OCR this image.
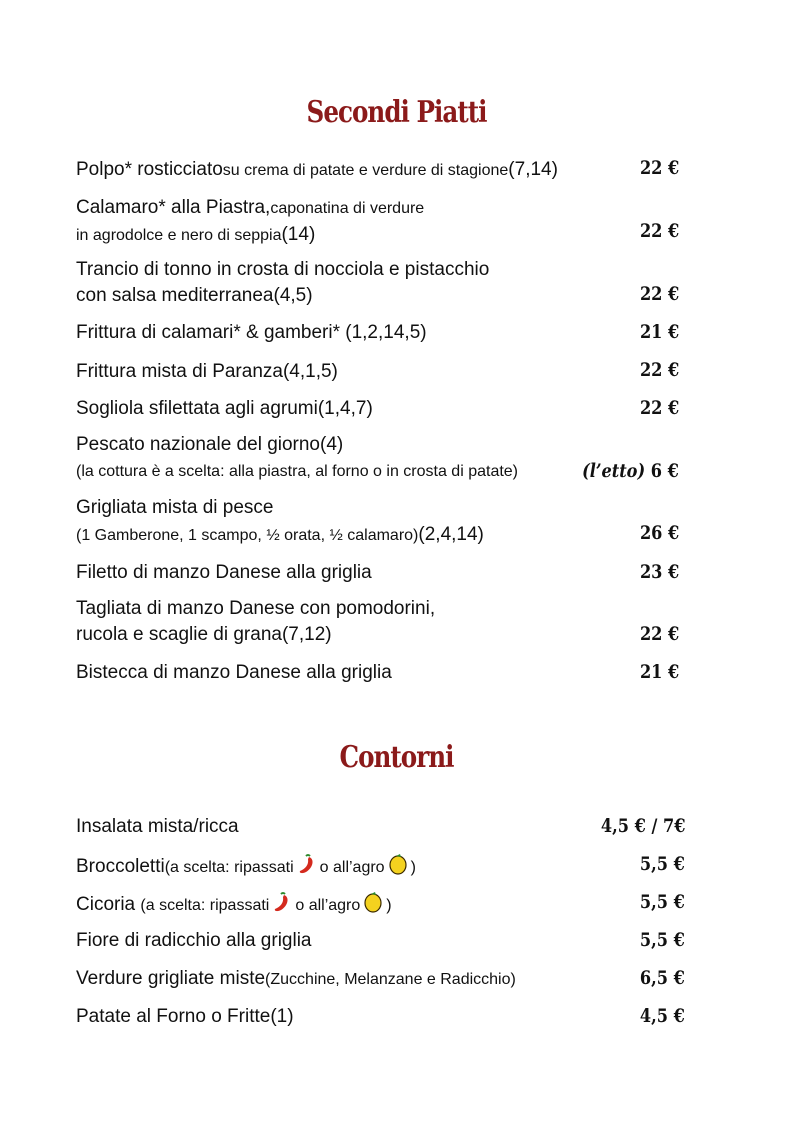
Secondi Piatti
Polpo* rosticciatosu crema di patate e verdure di stagione(7,14)	22 €
Calamaro* alla Piastra,caponatina di verdure
in agrodolce e nero di seppia(14)	22 €
Trancio di tonno in crosta di nocciola e pistacchio
con salsa mediterranea(4,5)	22 €
Frittura di calamari* & gamberi* (1,2,14,5)	21 €
Frittura mista di Paranza(4,1,5)	22 €
Sogliola sfilettata agli agrumi(1,4,7)	22 €
Pescato nazionale del giorno(4)
(la cottura è a scelta: alla piastra, al forno o in crosta di patate)	(l’etto) 6 €
Grigliata mista di pesce
(1 Gamberone, 1 scampo, ½ orata, ½ calamaro)(2,4,14)	26 €
Filetto di manzo Danese alla griglia	23 €
Tagliata di manzo Danese con pomodorini,
rucola e scaglie di grana(7,12)	22 €
Bistecca di manzo Danese alla griglia	21 €
Contorni
Insalata mista/ricca	4,5 € / 7€
Broccoletti(a scelta: ripassati o all’agro )	5,5 €
Cicoria (a scelta: ripassati o all’agro )	5,5 €
Fiore di radicchio alla griglia	5,5 €
Verdure grigliate miste(Zucchine, Melanzane e Radicchio)	6,5 €
Patate al Forno o Fritte(1)	4,5 €
